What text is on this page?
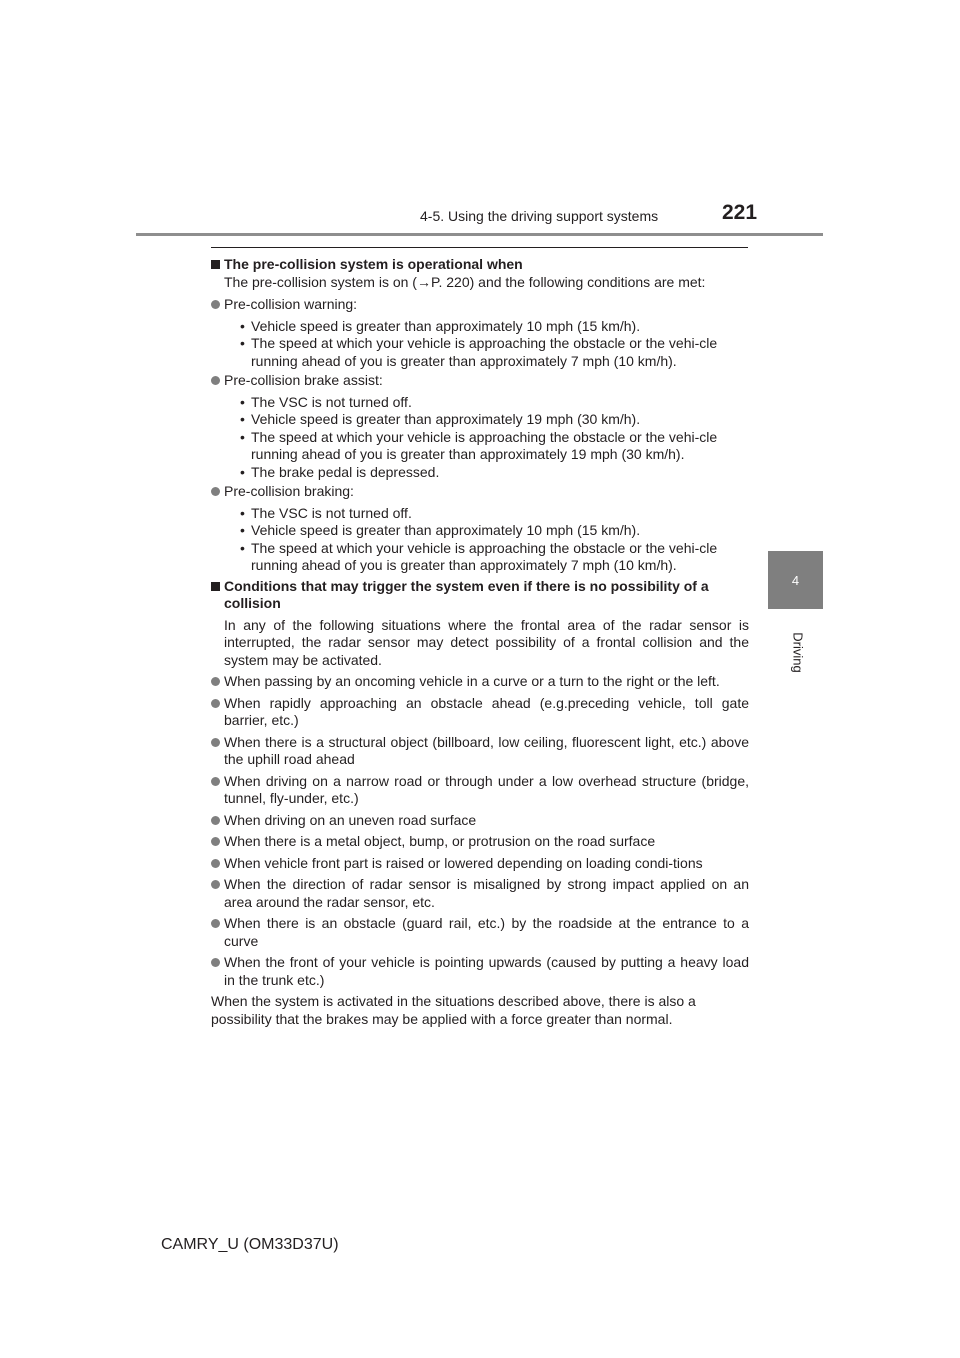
4-5. Using the driving support systems	221
4
Driving
The pre-collision system is operational when
The pre-collision system is on (→P. 220) and the following conditions are met:
Pre-collision warning:
• Vehicle speed is greater than approximately 10 mph (15 km/h).
• The speed at which your vehicle is approaching the obstacle or the vehi-cle running ahead of you is greater than approximately 7 mph (10 km/h).
Pre-collision brake assist:
• The VSC is not turned off.
• Vehicle speed is greater than approximately 19 mph (30 km/h).
• The speed at which your vehicle is approaching the obstacle or the vehi-cle running ahead of you is greater than approximately 19 mph (30 km/h).
• The brake pedal is depressed.
Pre-collision braking:
• The VSC is not turned off.
• Vehicle speed is greater than approximately 10 mph (15 km/h).
• The speed at which your vehicle is approaching the obstacle or the vehi-cle running ahead of you is greater than approximately 7 mph (10 km/h).
Conditions that may trigger the system even if there is no possibility of a collision
In any of the following situations where the frontal area of the radar sensor is interrupted, the radar sensor may detect possibility of a frontal collision and the system may be activated.
When passing by an oncoming vehicle in a curve or a turn to the right or the left.
When rapidly approaching an obstacle ahead (e.g.preceding vehicle, toll gate barrier, etc.)
When there is a structural object (billboard, low ceiling, fluorescent light, etc.) above the uphill road ahead
When driving on a narrow road or through under a low overhead structure (bridge, tunnel, fly-under, etc.)
When driving on an uneven road surface
When there is a metal object, bump, or protrusion on the road surface
When vehicle front part is raised or lowered depending on loading condi-tions
When the direction of radar sensor is misaligned by strong impact applied on an area around the radar sensor, etc.
When there is an obstacle (guard rail, etc.) by the roadside at the entrance to a curve
When the front of your vehicle is pointing upwards (caused by putting a heavy load in the trunk etc.)
When the system is activated in the situations described above, there is also a possibility that the brakes may be applied with a force greater than normal.
CAMRY_U (OM33D37U)
